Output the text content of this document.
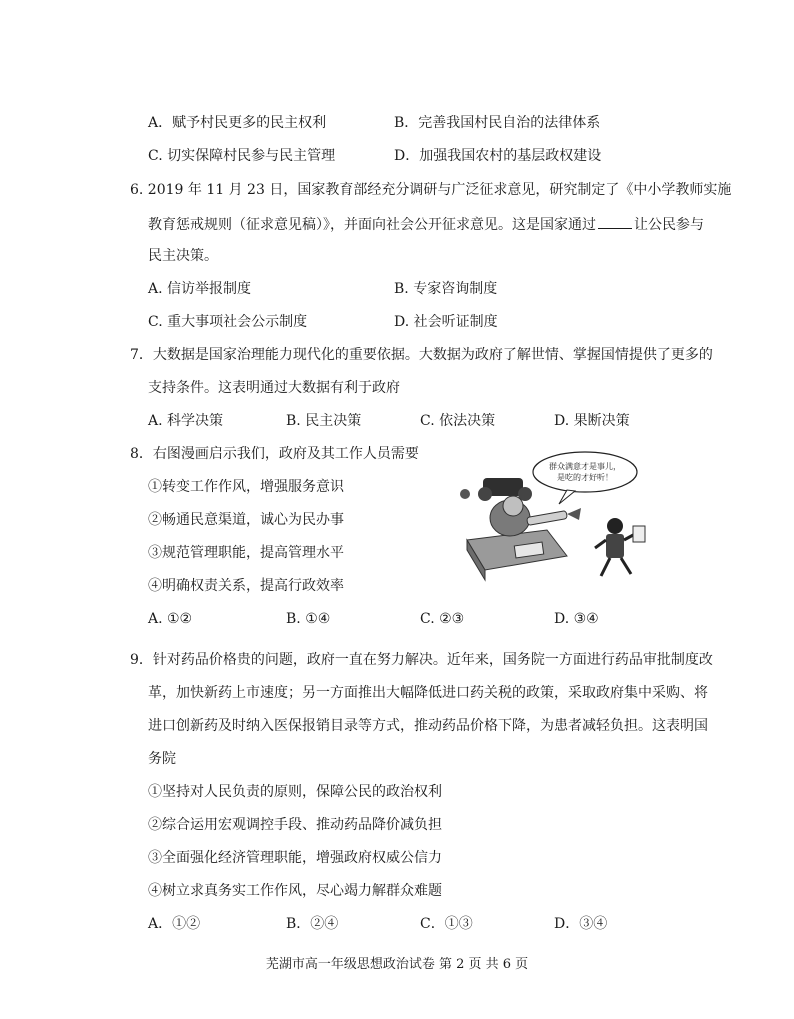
A．赋予村民更多的民主权利	B．完善我国村民自治的法律体系
C. 切实保障村民参与民主管理	D．加强我国农村的基层政权建设
6. 2019 年 11 月 23 日，国家教育部经充分调研与广泛征求意见，研究制定了《中小学教师实施
教育惩戒规则（征求意见稿）》，并面向社会公开征求意见。这是国家通过	让公民参与
民主决策。
A. 信访举报制度	B. 专家咨询制度
C. 重大事项社会公示制度	D. 社会听证制度
7．大数据是国家治理能力现代化的重要依据。大数据为政府了解世情、掌握国情提供了更多的
支持条件。这表明通过大数据有利于政府
A. 科学决策	B. 民主决策	C. 依法决策	D. 果断决策
8．右图漫画启示我们，政府及其工作人员需要
①转变工作作风，增强服务意识
②畅通民意渠道，诚心为民办事
③规范管理职能，提高管理水平
④明确权责关系，提高行政效率
群众满意才是事儿，
是吃的才好听！
A. ①②	B. ①④	C. ②③	D. ③④
9．针对药品价格贵的问题，政府一直在努力解决。近年来，国务院一方面进行药品审批制度改
革，加快新药上市速度；另一方面推出大幅降低进口药关税的政策，采取政府集中采购、将
进口创新药及时纳入医保报销目录等方式，推动药品价格下降，为患者减轻负担。这表明国
务院
①坚持对人民负责的原则，保障公民的政治权利
②综合运用宏观调控手段、推动药品降价减负担
③全面强化经济管理职能，增强政府权威公信力
④树立求真务实工作作风，尽心竭力解群众难题
A．①②	B．②④	C．①③	D．③④
芜湖市高一年级思想政治试卷 第 2 页 共 6 页
